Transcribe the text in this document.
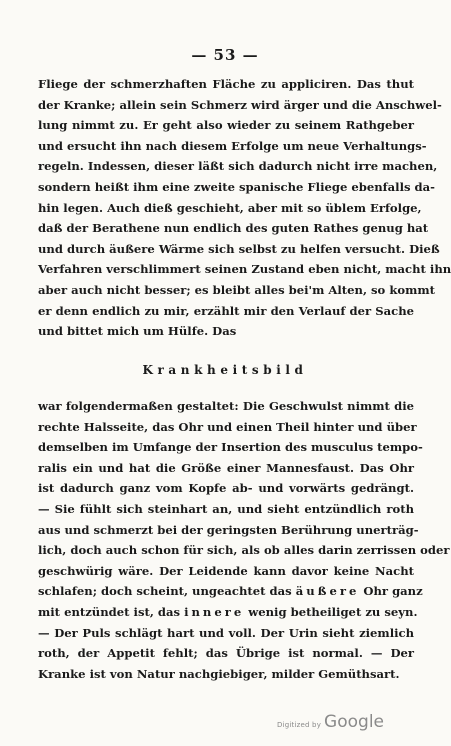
— 53 —
Fliege der schmerzhaften Fläche zu appliciren. Das thut
der Kranke; allein sein Schmerz wird ärger und die Anschwel-
lung nimmt zu. Er geht also wieder zu seinem Rathgeber
und ersucht ihn nach diesem Erfolge um neue Verhaltungs-
regeln. Indessen, dieser läßt sich dadurch nicht irre machen,
sondern heißt ihm eine zweite spanische Fliege ebenfalls da-
hin legen. Auch dieß geschieht, aber mit so üblem Erfolge,
daß der Berathene nun endlich des guten Rathes genug hat
und durch äußere Wärme sich selbst zu helfen versucht. Dieß
Verfahren verschlimmert seinen Zustand eben nicht, macht ihn
aber auch nicht besser; es bleibt alles bei'm Alten, so kommt
er denn endlich zu mir, erzählt mir den Verlauf der Sache
und bittet mich um Hülfe. Das
Krankheitsbild
war folgendermaßen gestaltet: Die Geschwulst nimmt die
rechte Halsseite, das Ohr und einen Theil hinter und über
demselben im Umfange der Insertion des musculus tempo-
ralis ein und hat die Größe einer Mannesfaust. Das Ohr
ist dadurch ganz vom Kopfe ab- und vorwärts gedrängt.
— Sie fühlt sich steinhart an, und sieht entzündlich roth
aus und schmerzt bei der geringsten Berührung unerträg-
lich, doch auch schon für sich, als ob alles darin zerrissen oder
geschwürig wäre. Der Leidende kann davor keine Nacht
schlafen; doch scheint, ungeachtet das äußere Ohr ganz
mit entzündet ist, das innere wenig betheiliget zu seyn.
— Der Puls schlägt hart und voll. Der Urin sieht ziemlich
roth, der Appetit fehlt; das Übrige ist normal. — Der
Kranke ist von Natur nachgiebiger, milder Gemüthsart.
Digitized by Google
